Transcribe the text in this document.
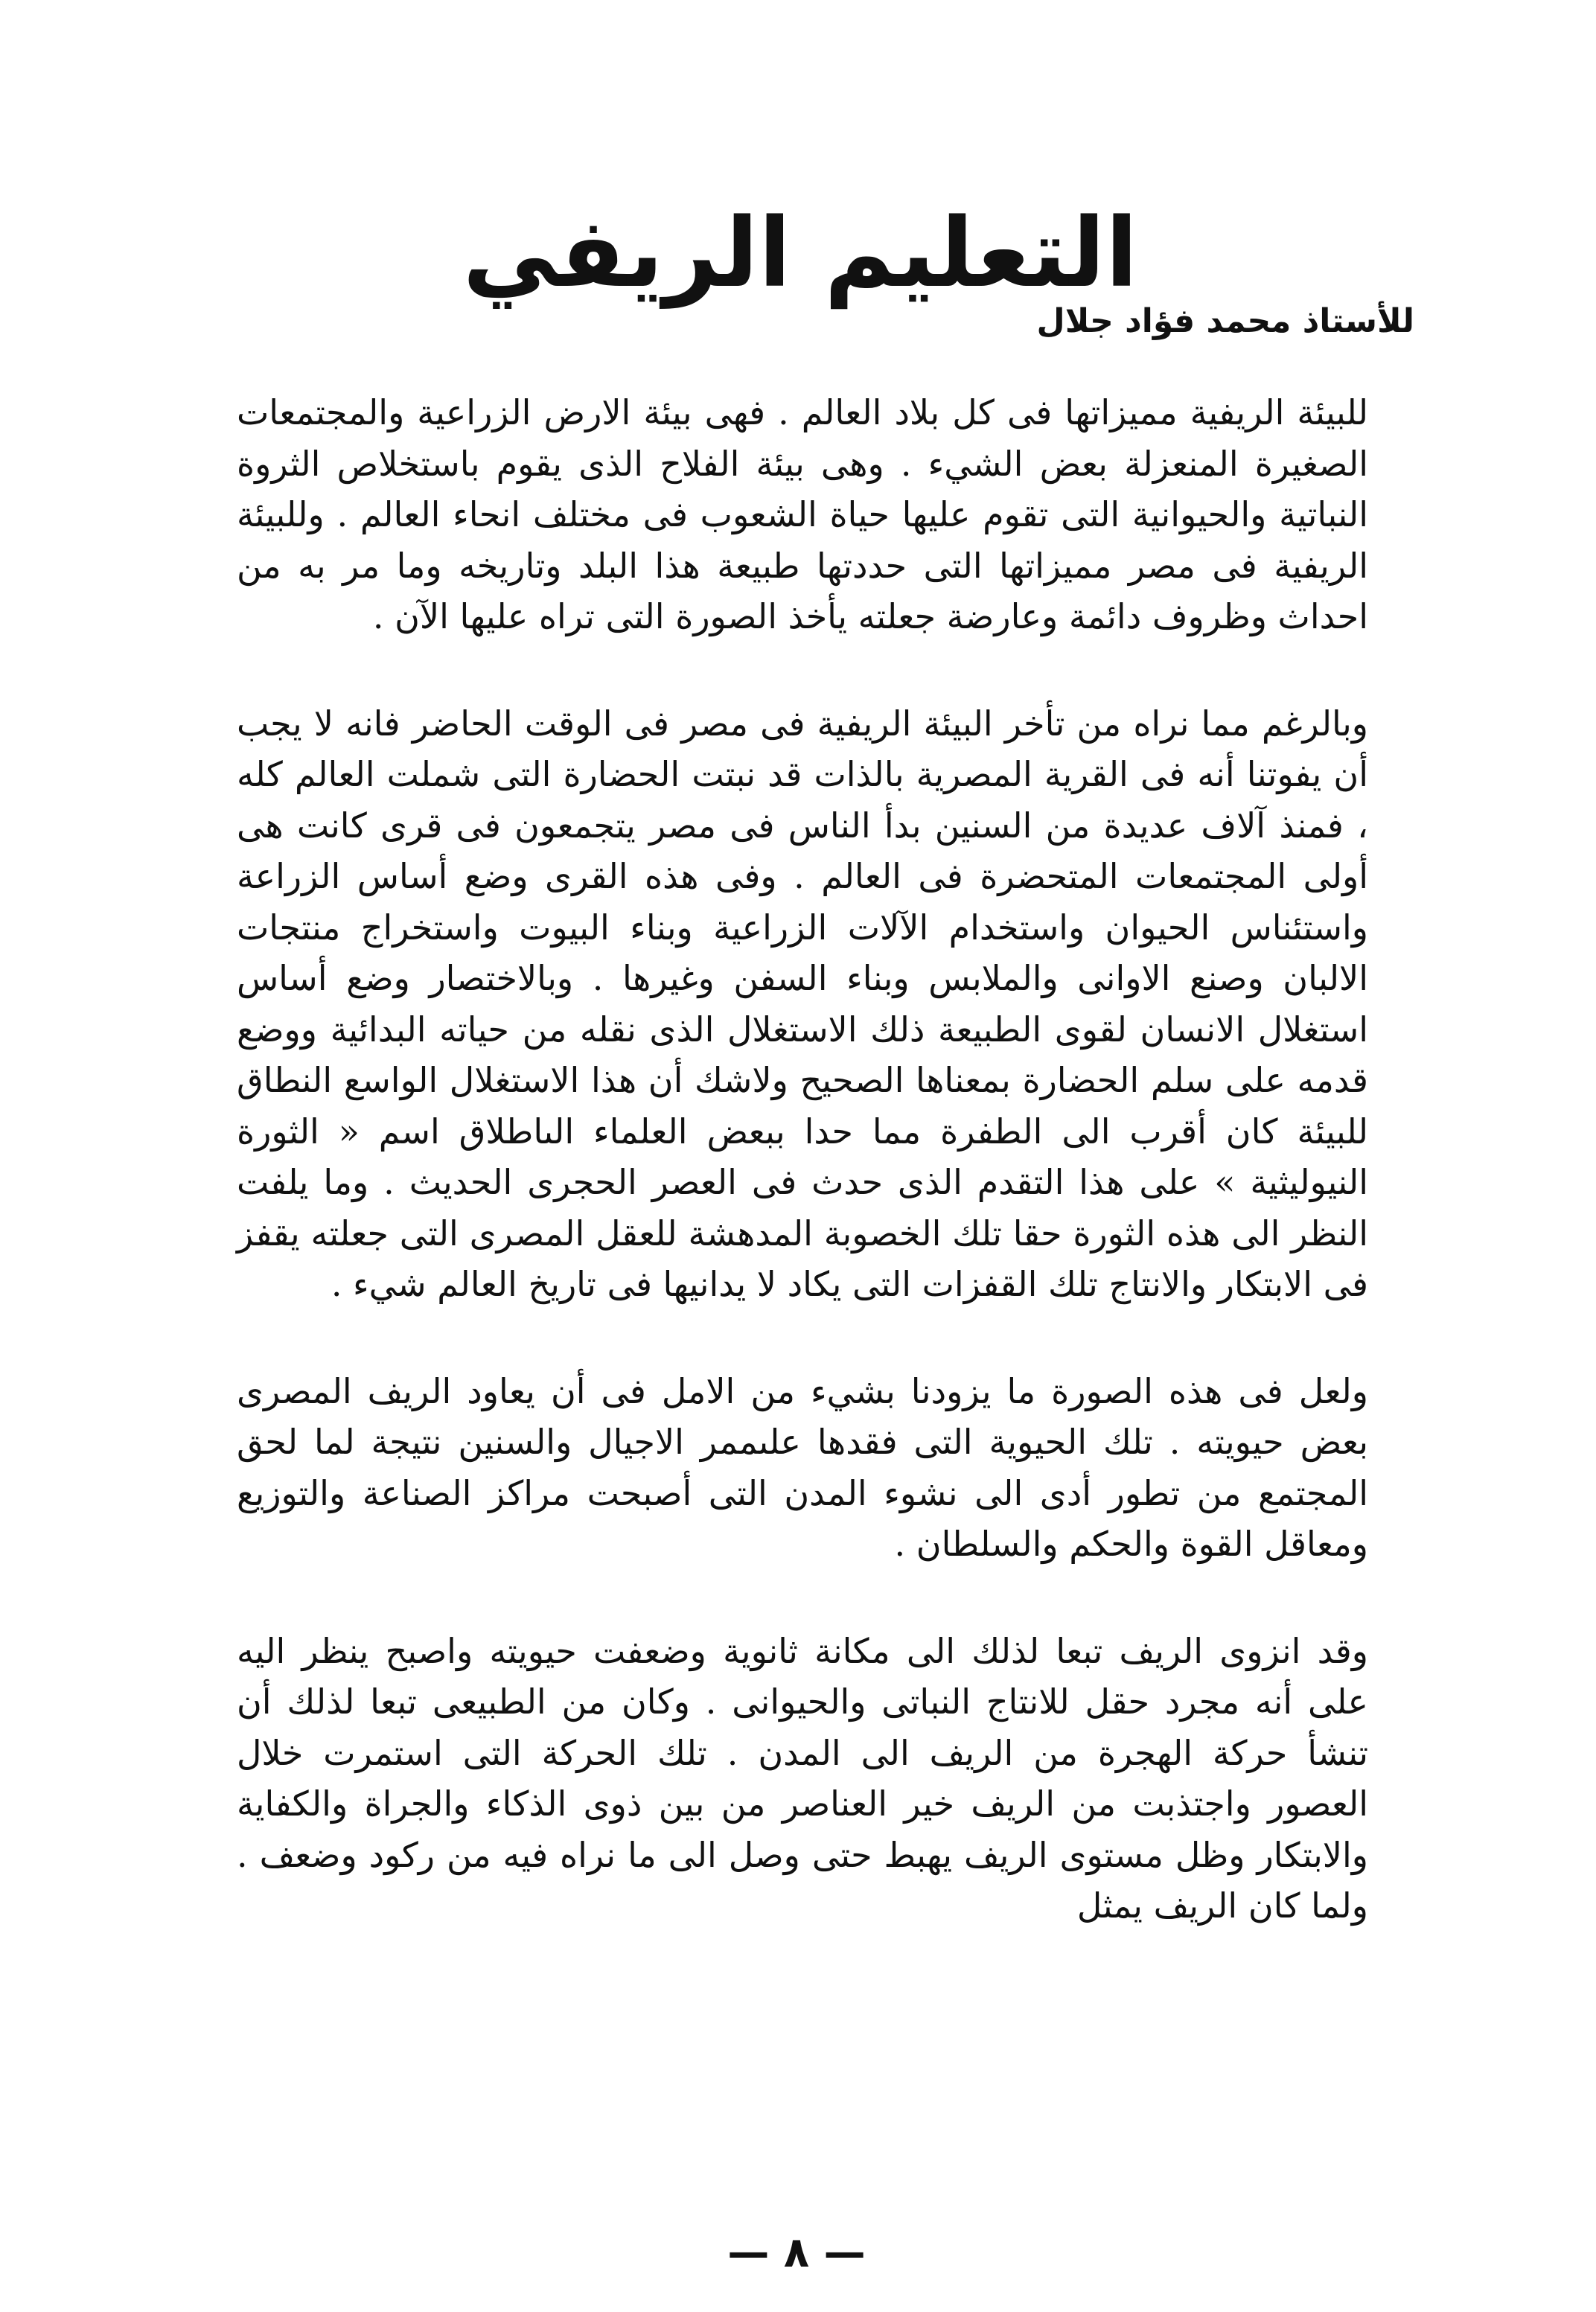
التعليم الريفي
للأستاذ محمد فؤاد جلال

للبيئة الريفية مميزاتها فى كل بلاد العالم . فهى بيئة الارض الزراعية والمجتمعات الصغيرة المنعزلة بعض الشيء . وهى بيئة الفلاح الذى يقوم باستخلاص الثروة النباتية والحيوانية التى تقوم عليها حياة الشعوب فى مختلف انحاء العالم . وللبيئة الريفية فى مصر مميزاتها التى حددتها طبيعة هذا البلد وتاريخه وما مر به من احداث وظروف دائمة وعارضة جعلته يأخذ الصورة التى تراه عليها الآن .

وبالرغم مما نراه من تأخر البيئة الريفية فى مصر فى الوقت الحاضر فانه لا يجب أن يفوتنا أنه فى القرية المصرية بالذات قد نبتت الحضارة التى شملت العالم كله ، فمنذ آلاف عديدة من السنين بدأ الناس فى مصر يتجمعون فى قرى كانت هى أولى المجتمعات المتحضرة فى العالم . وفى هذه القرى وضع أساس الزراعة واستئناس الحيوان واستخدام الآلات الزراعية وبناء البيوت واستخراج منتجات الالبان وصنع الاوانى والملابس وبناء السفن وغيرها . وبالاختصار وضع أساس استغلال الانسان لقوى الطبيعة ذلك الاستغلال الذى نقله من حياته البدائية ووضع قدمه على سلم الحضارة بمعناها الصحيح ولاشك أن هذا الاستغلال الواسع النطاق للبيئة كان أقرب الى الطفرة مما حدا ببعض العلماء الىاطلاق اسم « الثورة النيوليثية » على هذا التقدم الذى حدث فى العصر الحجرى الحديث . وما يلفت النظر الى هذه الثورة حقا تلك الخصوبة المدهشة للعقل المصرى التى جعلته يقفز فى الابتكار والانتاج تلك القفزات التى يكاد لا يدانيها فى تاريخ العالم شيء .

ولعل فى هذه الصورة ما يزودنا بشيء من الامل فى أن يعاود الريف المصرى بعض حيويته . تلك الحيوية التى فقدها علىممر الاجيال والسنين نتيجة لما لحق المجتمع من تطور أدى الى نشوء المدن التى أصبحت مراكز الصناعة والتوزيع ومعاقل القوة والحكم والسلطان .

وقد انزوى الريف تبعا لذلك الى مكانة ثانوية وضعفت حيويته واصبح ينظر اليه على أنه مجرد حقل للانتاج النباتى والحيوانى . وكان من الطبيعى تبعا لذلك أن تنشأ حركة الهجرة من الريف الى المدن . تلك الحركة التى استمرت خلال العصور واجتذبت من الريف خير العناصر من بين ذوى الذكاء والجراة والكفاية والابتكار وظل مستوى الريف يهبط حتى وصل الى ما نراه فيه من ركود وضعف . ولما كان الريف يمثل

— ٨ —
